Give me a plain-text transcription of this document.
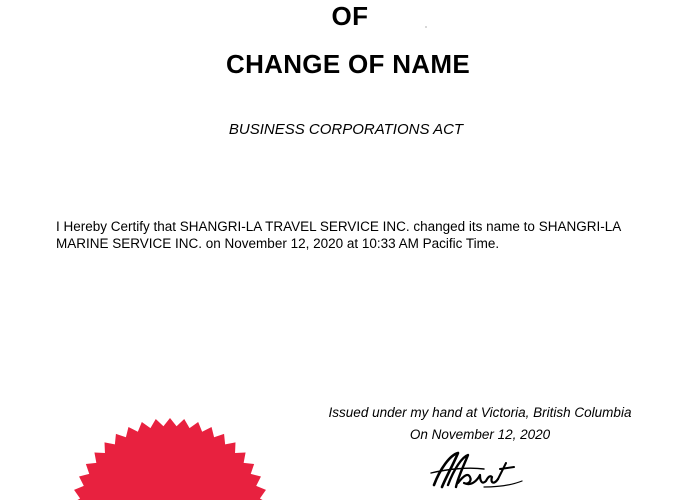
OF
CHANGE OF NAME
BUSINESS CORPORATIONS ACT
I Hereby Certify that SHANGRI-LA TRAVEL SERVICE INC. changed its name to SHANGRI-LA
MARINE SERVICE INC. on November 12, 2020 at 10:33 AM Pacific Time.
Issued under my hand at Victoria, British Columbia
On November 12, 2020
